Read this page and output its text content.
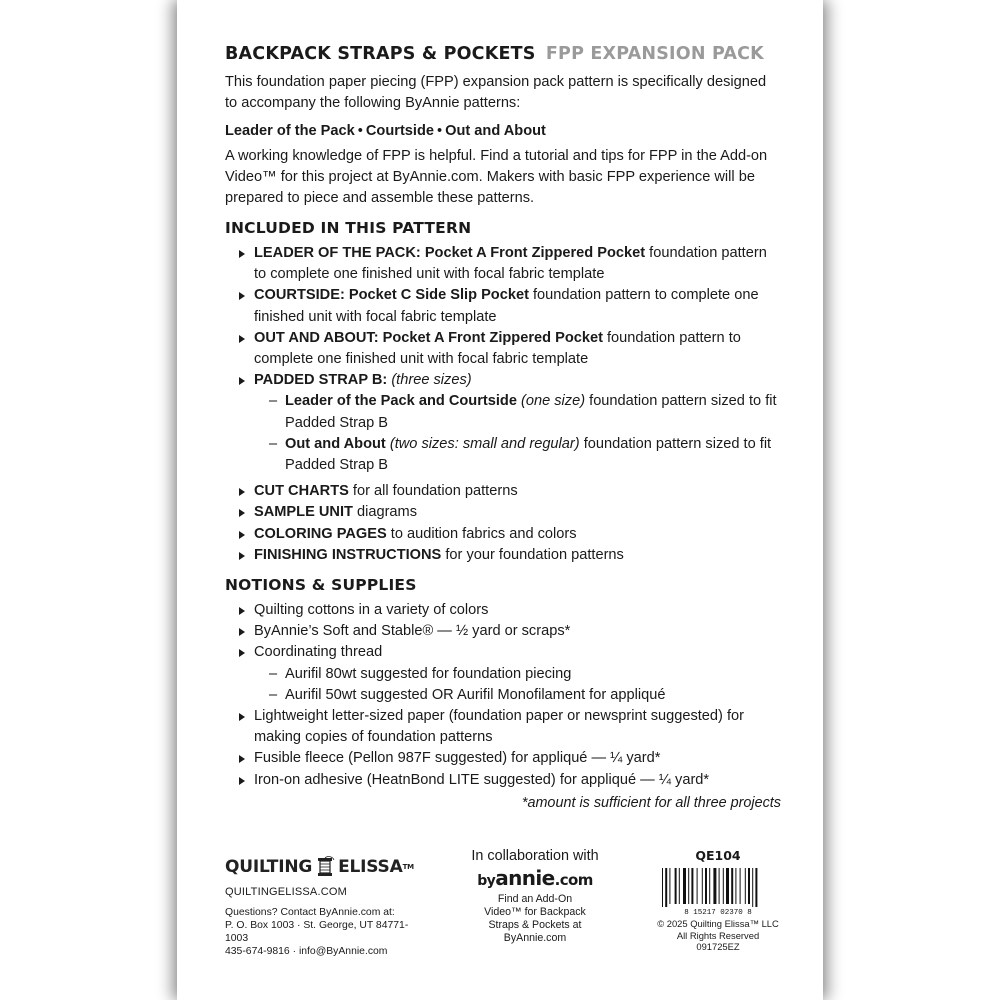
BACKPACK STRAPS & POCKETS FPP EXPANSION PACK

This foundation paper piecing (FPP) expansion pack pattern is specifically designed to accompany the following ByAnnie patterns:

Leader of the Pack • Courtside • Out and About

A working knowledge of FPP is helpful. Find a tutorial and tips for FPP in the Add-on Video™ for this project at ByAnnie.com. Makers with basic FPP experience will be prepared to piece and assemble these patterns.

INCLUDED IN THIS PATTERN
LEADER OF THE PACK: Pocket A Front Zippered Pocket foundation pattern to complete one finished unit with focal fabric template
COURTSIDE: Pocket C Side Slip Pocket foundation pattern to complete one finished unit with focal fabric template
OUT AND ABOUT: Pocket A Front Zippered Pocket foundation pattern to complete one finished unit with focal fabric template
PADDED STRAP B: (three sizes)
– Leader of the Pack and Courtside (one size) foundation pattern sized to fit Padded Strap B
– Out and About (two sizes: small and regular) foundation pattern sized to fit Padded Strap B
CUT CHARTS for all foundation patterns
SAMPLE UNIT diagrams
COLORING PAGES to audition fabrics and colors
FINISHING INSTRUCTIONS for your foundation patterns
NOTIONS & SUPPLIES
Quilting cottons in a variety of colors
ByAnnie’s Soft and Stable® — ½ yard or scraps*
Coordinating thread
– Aurifil 80wt suggested for foundation piecing
– Aurifil 50wt suggested OR Aurifil Monofilament for appliqué
Lightweight letter-sized paper (foundation paper or newsprint suggested) for making copies of foundation patterns
Fusible fleece (Pellon 987F suggested) for appliqué — ¼ yard*
Iron-on adhesive (HeatnBond LITE suggested) for appliqué — ¼ yard*
*amount is sufficient for all three projects
QUILTING ELISSA TM
QUILTINGELISSA.COM
Questions? Contact ByAnnie.com at:
P. O. Box 1003 · St. George, UT 84771-1003
435-674-9816 · info@ByAnnie.com
In collaboration with
byannie.com
Find an Add-On
Video™ for Backpack
Straps & Pockets at
ByAnnie.com
QE104
8 15217 02370 8
© 2025 Quilting Elissa™ LLC
All Rights Reserved
091725EZ
